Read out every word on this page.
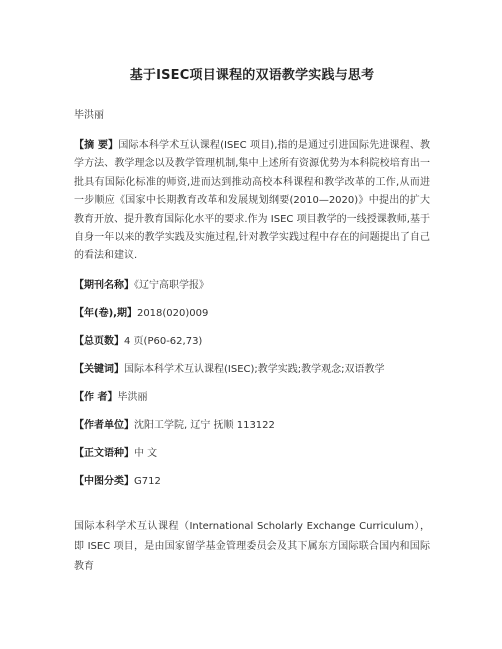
基于ISEC项目课程的双语教学实践与思考
毕洪丽
【摘 要】国际本科学术互认课程(ISEC 项目),指的是通过引进国际先进课程、教学方法、教学理念以及教学管理机制,集中上述所有资源优势为本科院校培育出一批具有国际化标准的师资,进而达到推动高校本科课程和教学改革的工作,从而进一步顺应《国家中长期教育改革和发展规划纲要(2010—2020)》中提出的扩大教育开放、提升教育国际化水平的要求.作为 ISEC 项目教学的一线授课教师,基于自身一年以来的教学实践及实施过程,针对教学实践过程中存在的问题提出了自己的看法和建议.
【期刊名称】《辽宁高职学报》
【年(卷),期】2018(020)009
【总页数】4 页(P60-62,73)
【关键词】国际本科学术互认课程(ISEC);教学实践;教学观念;双语教学
【作 者】毕洪丽
【作者单位】沈阳工学院, 辽宁 抚顺 113122
【正文语种】中 文
【中图分类】G712
国际本科学术互认课程（International Scholarly Exchange Curriculum），即 ISEC 项目，是由国家留学基金管理委员会及其下属东方国际联合国内和国际教育
